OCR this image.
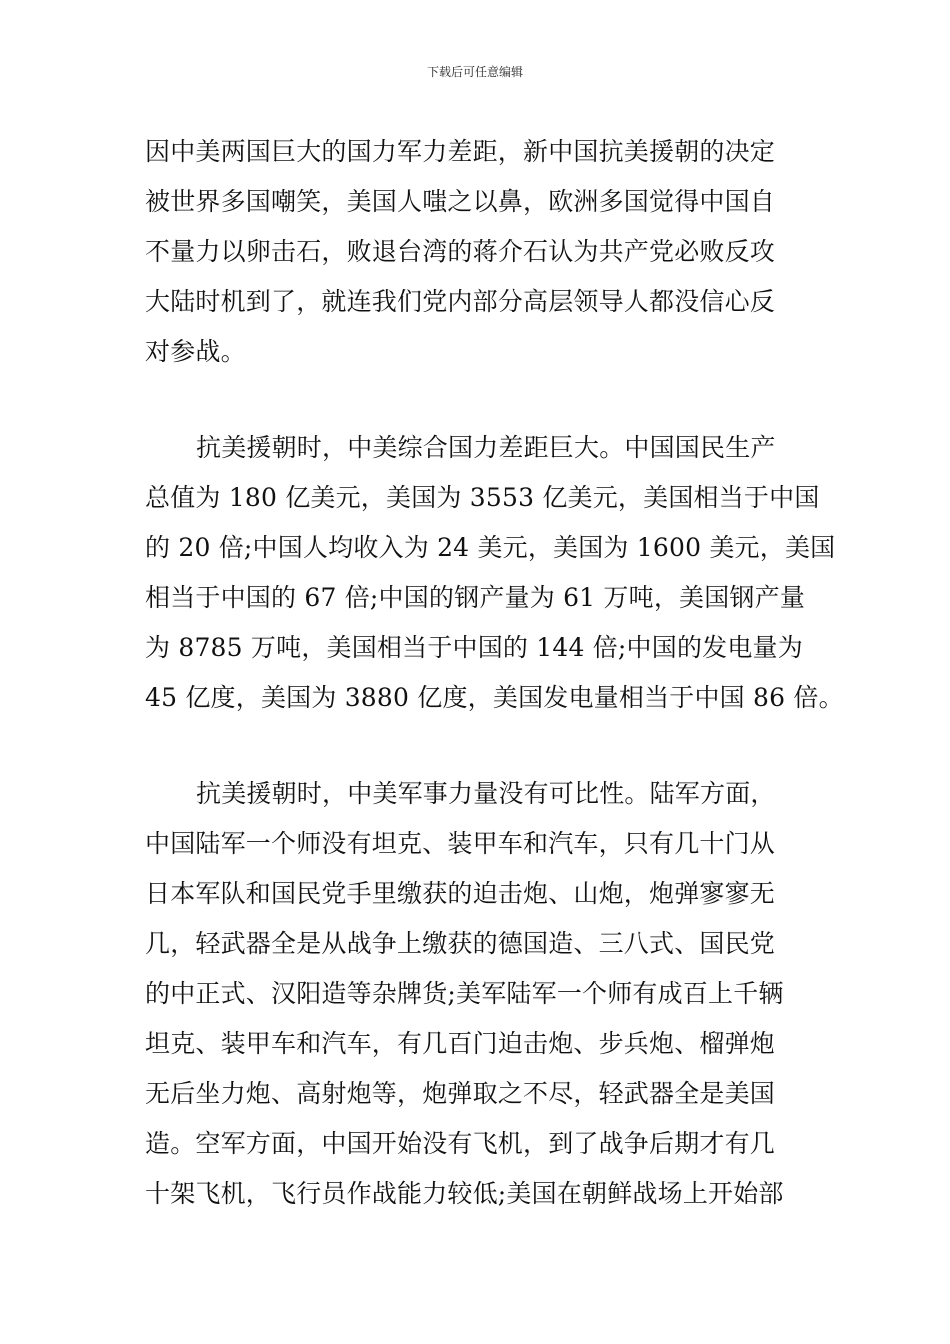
下载后可任意编辑
因中美两国巨大的国力军力差距，新中国抗美援朝的决定
被世界多国嘲笑，美国人嗤之以鼻，欧洲多国觉得中国自
不量力以卵击石，败退台湾的蒋介石认为共产党必败反攻
大陆时机到了，就连我们党内部分高层领导人都没信心反
对参战。
抗美援朝时，中美综合国力差距巨大。中国国民生产
总值为 180 亿美元，美国为 3553 亿美元，美国相当于中国
的 20 倍;中国人均收入为 24 美元，美国为 1600 美元，美国
相当于中国的 67 倍;中国的钢产量为 61 万吨，美国钢产量
为 8785 万吨，美国相当于中国的 144 倍;中国的发电量为
45 亿度，美国为 3880 亿度，美国发电量相当于中国 86 倍。
抗美援朝时，中美军事力量没有可比性。陆军方面，
中国陆军一个师没有坦克、装甲车和汽车，只有几十门从
日本军队和国民党手里缴获的迫击炮、山炮，炮弹寥寥无
几，轻武器全是从战争上缴获的德国造、三八式、国民党
的中正式、汉阳造等杂牌货;美军陆军一个师有成百上千辆
坦克、装甲车和汽车，有几百门迫击炮、步兵炮、榴弹炮
无后坐力炮、高射炮等，炮弹取之不尽，轻武器全是美国
造。空军方面，中国开始没有飞机，到了战争后期才有几
十架飞机，飞行员作战能力较低;美国在朝鲜战场上开始部
